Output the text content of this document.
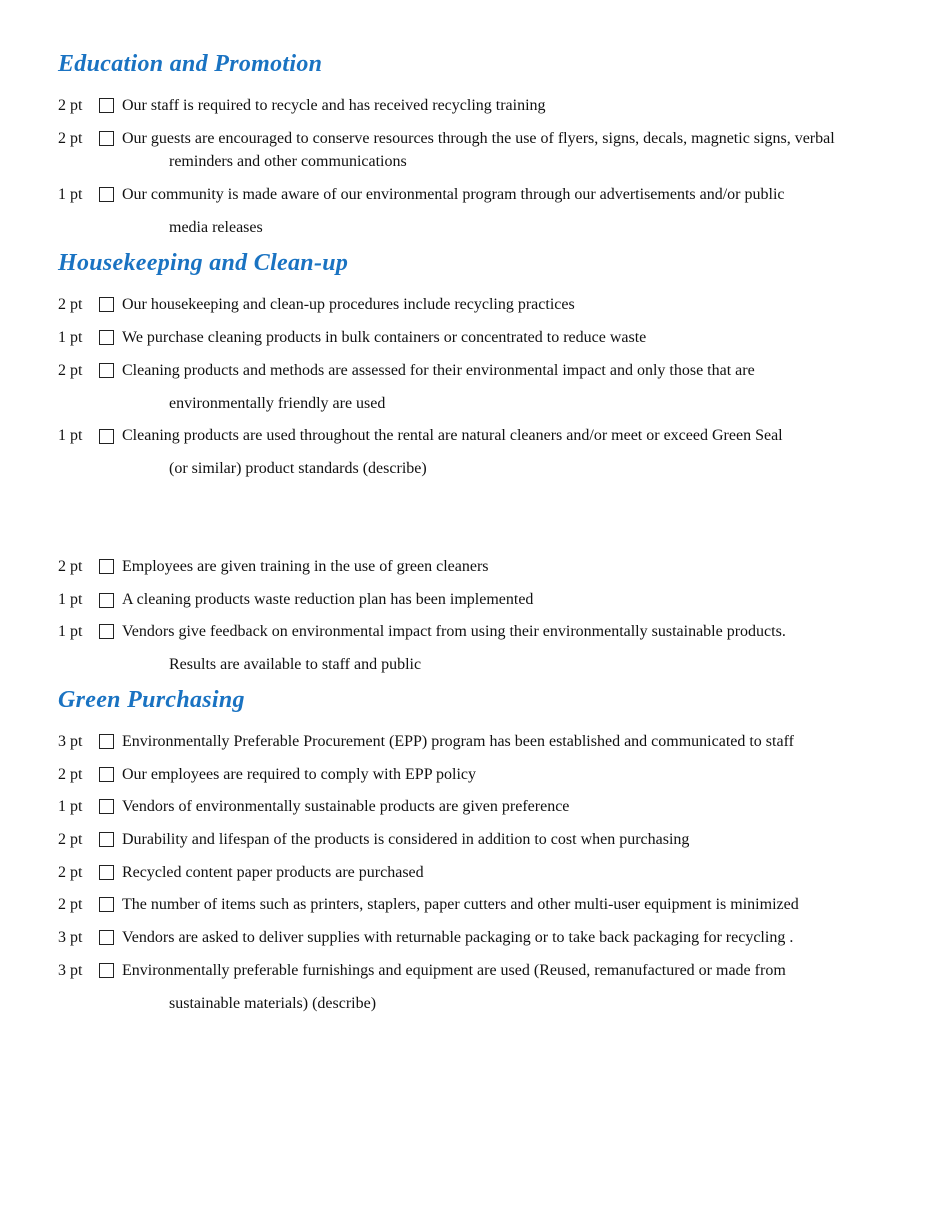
Education and Promotion
2 pt Our staff is required to recycle and has received recycling training
2 pt Our guests are encouraged to conserve resources through the use of flyers, signs, decals, magnetic signs, verbal
reminders and other communications
1 pt Our community is made aware of our environmental program through our advertisements and/or public
media releases
Housekeeping and Clean-up
2 pt Our housekeeping and clean-up procedures include recycling practices
1 pt We purchase cleaning products in bulk containers or concentrated to reduce waste
2 pt Cleaning products and methods are assessed for their environmental impact and only those that are
environmentally friendly are used
1 pt Cleaning products are used throughout the rental are natural cleaners and/or meet or exceed Green Seal
(or similar) product standards (describe)
2 pt Employees are given training in the use of green cleaners
1 pt A cleaning products waste reduction plan has been implemented
1 pt Vendors give feedback on environmental impact from using their environmentally sustainable products.
Results are available to staff and public
Green Purchasing
3 pt Environmentally Preferable Procurement (EPP) program has been established and communicated to staff
2 pt Our employees are required to comply with EPP policy
1 pt Vendors of environmentally sustainable products are given preference
2 pt Durability and lifespan of the products is considered in addition to cost when purchasing
2 pt Recycled content paper products are purchased
2 pt The number of items such as printers, staplers, paper cutters and other multi-user equipment is minimized
3 pt Vendors are asked to deliver supplies with returnable packaging or to take back packaging for recycling .
3 pt Environmentally preferable furnishings and equipment are used (Reused, remanufactured or made from
sustainable materials) (describe)
